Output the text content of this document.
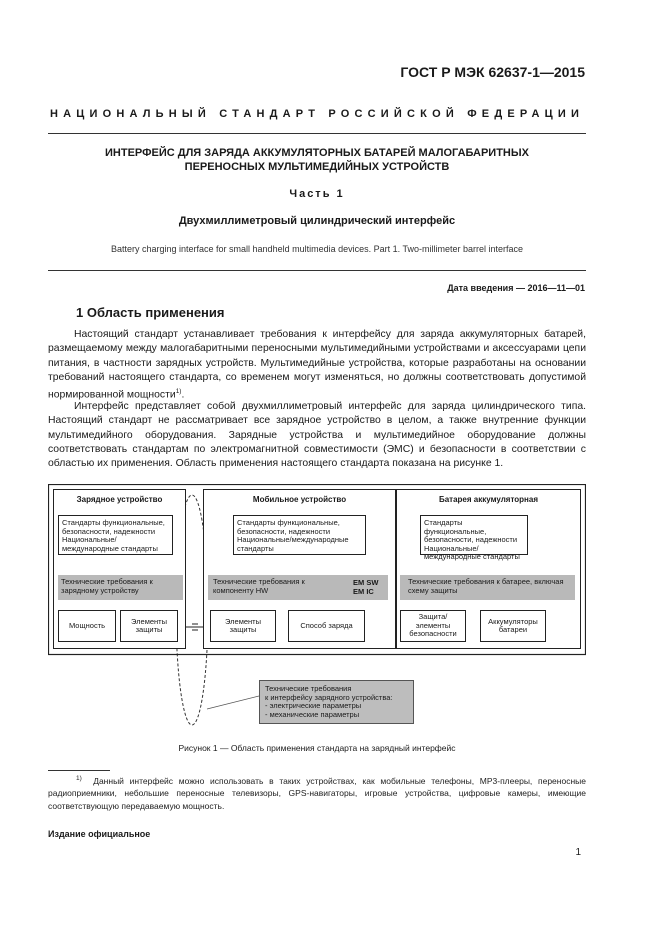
ГОСТ Р МЭК 62637-1—2015
НАЦИОНАЛЬНЫЙ СТАНДАРТ РОССИЙСКОЙ ФЕДЕРАЦИИ
ИНТЕРФЕЙС ДЛЯ ЗАРЯДА АККУМУЛЯТОРНЫХ БАТАРЕЙ МАЛОГАБАРИТНЫХ
ПЕРЕНОСНЫХ МУЛЬТИМЕДИЙНЫХ УСТРОЙСТВ
Часть 1
Двухмиллиметровый цилиндрический интерфейс
Battery charging interface for small handheld multimedia devices. Part 1. Two-millimeter barrel interface
Дата введения — 2016—11—01
1 Область применения

Настоящий стандарт устанавливает требования к интерфейсу для заряда аккумуляторных батарей, размещаемому между малогабаритными переносными мультимедийными устройствами и аксессуарами цепи питания, в частности зарядных устройств. Мультимедийные устройства, которые разработаны на основании требований настоящего стандарта, со временем могут изменяться, но должны соответствовать допустимой нормированной мощности$^{1)}$.

Интерфейс представляет собой двухмиллиметровый интерфейс для заряда цилиндрического типа. Настоящий стандарт не рассматривает все зарядное устройство в целом, а также внутренние функции мультимедийного оборудования. Зарядные устройства и мультимедийное оборудование должны соответствовать стандартам по электромагнитной совместимости (ЭМС) и безопасности в соответствии с областью их применения. Область применения настоящего стандарта показана на рисунке 1.

Зарядное устройство
Стандарты функциональные, безопасности, надежности Национальные/международные стандарты
Технические требования к зарядному устройству
Мощность	Элементы защиты
Мобильное устройство
Стандарты функциональные, безопасности, надежности Национальные/международные стандарты
Технические требования к компоненту HW
EM SW
EM IC
Элементы защиты	Способ заряда
Батарея аккумуляторная
Стандарты функциональные, безопасности, надежности Национальные/международные стандарты
Технические требования к батарее, включая схему защиты
Защита/ элементы безопасности
Аккумуляторы батареи
Технические требования
к интерфейсу зарядного устройства:
- электрические параметры
- механические параметры
Рисунок 1 — Область применения стандарта на зарядный интерфейс

$^{1)}$ Данный интерфейс можно использовать в таких устройствах, как мобильные телефоны, МР3-плееры, переносные радиоприемники, небольшие переносные телевизоры, GPS-навигаторы, игровые устройства, цифровые камеры, имеющие соответствующую передаваемую мощность.

Издание официальное
1
